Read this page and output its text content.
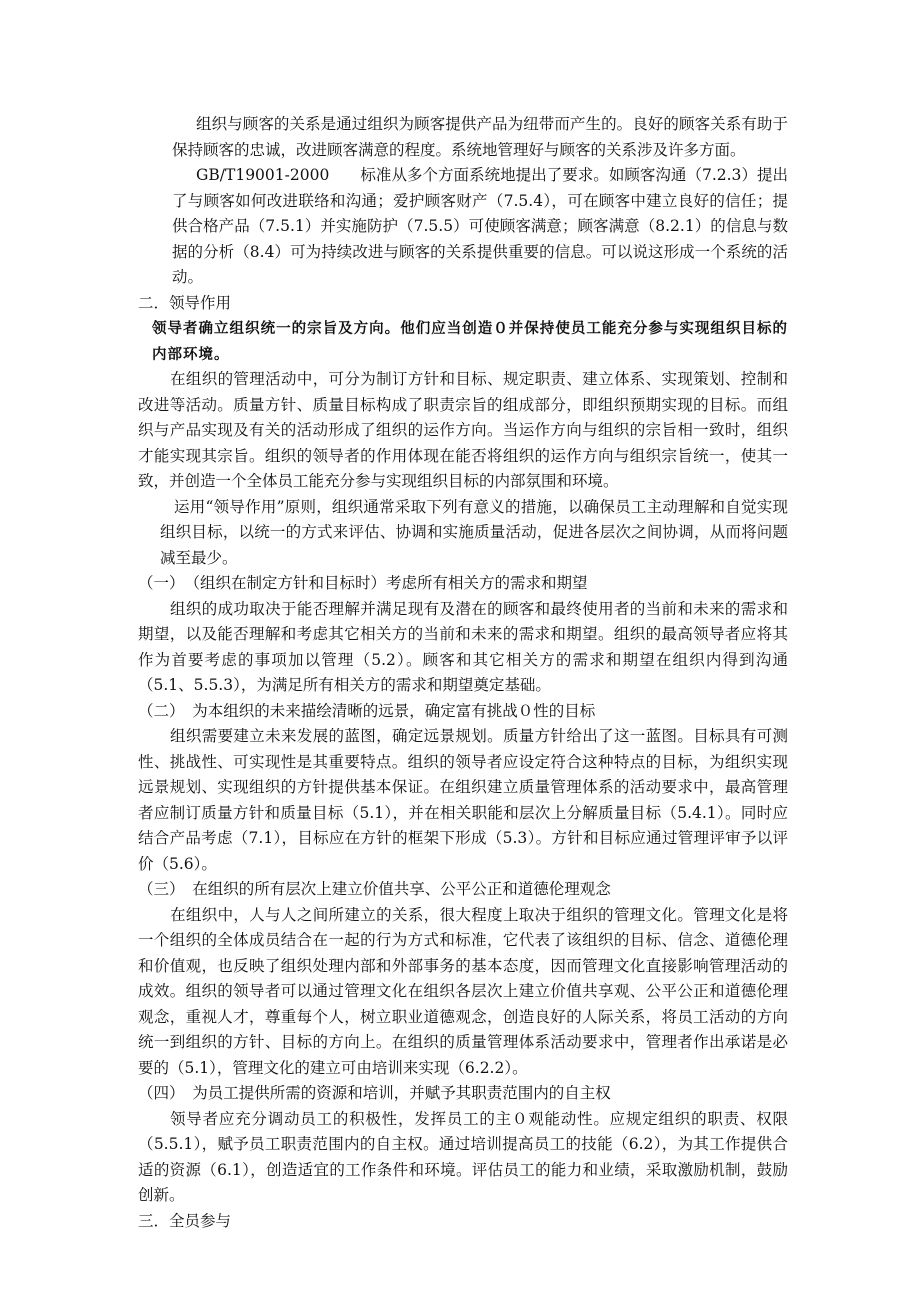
组织与顾客的关系是通过组织为顾客提供产品为纽带而产生的。良好的顾客关系有助于保持顾客的忠诚，改进顾客满意的程度。系统地管理好与顾客的关系涉及许多方面。

GB/T19001-2000　　标准从多个方面系统地提出了要求。如顾客沟通（7.2.3）提出了与顾客如何改进联络和沟通；爱护顾客财产（7.5.4），可在顾客中建立良好的信任；提供合格产品（7.5.1）并实施防护（7.5.5）可使顾客满意；顾客满意（8.2.1）的信息与数据的分析（8.4）可为持续改进与顾客的关系提供重要的信息。可以说这形成一个系统的活动。

二．领导作用

领导者确立组织统一的宗旨及方向。他们应当创造０并保持使员工能充分参与实现组织目标的内部环境。

在组织的管理活动中，可分为制订方针和目标、规定职责、建立体系、实现策划、控制和改进等活动。质量方针、质量目标构成了职责宗旨的组成部分，即组织预期实现的目标。而组织与产品实现及有关的活动形成了组织的运作方向。当运作方向与组织的宗旨相一致时，组织才能实现其宗旨。组织的领导者的作用体现在能否将组织的运作方向与组织宗旨统一，使其一致，并创造一个全体员工能充分参与实现组织目标的内部氛围和环境。

运用“领导作用”原则，组织通常采取下列有意义的措施，以确保员工主动理解和自觉实现组织目标，以统一的方式来评估、协调和实施质量活动，促进各层次之间协调，从而将问题减至最少。

（一）　（组织在制定方针和目标时）考虑所有相关方的需求和期望

组织的成功取决于能否理解并满足现有及潜在的顾客和最终使用者的当前和未来的需求和期望，以及能否理解和考虑其它相关方的当前和未来的需求和期望。组织的最高领导者应将其作为首要考虑的事项加以管理（5.2）。顾客和其它相关方的需求和期望在组织内得到沟通（5.1、5.5.3），为满足所有相关方的需求和期望奠定基础。

（二）　为本组织的未来描绘清晰的远景，确定富有挑战０性的目标

组织需要建立未来发展的蓝图，确定远景规划。质量方针给出了这一蓝图。目标具有可测性、挑战性、可实现性是其重要特点。组织的领导者应设定符合这种特点的目标，为组织实现远景规划、实现组织的方针提供基本保证。在组织建立质量管理体系的活动要求中，最高管理者应制订质量方针和质量目标（5.1），并在相关职能和层次上分解质量目标（5.4.1）。同时应结合产品考虑（7.1），目标应在方针的框架下形成（5.3）。方针和目标应通过管理评审予以评价（5.6）。

（三）　在组织的所有层次上建立价值共享、公平公正和道德伦理观念

在组织中，人与人之间所建立的关系，很大程度上取决于组织的管理文化。管理文化是将一个组织的全体成员结合在一起的行为方式和标准，它代表了该组织的目标、信念、道德伦理和价值观，也反映了组织处理内部和外部事务的基本态度，因而管理文化直接影响管理活动的成效。组织的领导者可以通过管理文化在组织各层次上建立价值共享观、公平公正和道德伦理观念，重视人才，尊重每个人，树立职业道德观念，创造良好的人际关系，将员工活动的方向统一到组织的方针、目标的方向上。在组织的质量管理体系活动要求中，管理者作出承诺是必要的（5.1），管理文化的建立可由培训来实现（6.2.2）。

（四）　为员工提供所需的资源和培训，并赋予其职责范围内的自主权

领导者应充分调动员工的积极性，发挥员工的主０观能动性。应规定组织的职责、权限（5.5.1），赋予员工职责范围内的自主权。通过培训提高员工的技能（6.2），为其工作提供合适的资源（6.1），创造适宜的工作条件和环境。评估员工的能力和业绩，采取激励机制，鼓励创新。

三．全员参与
